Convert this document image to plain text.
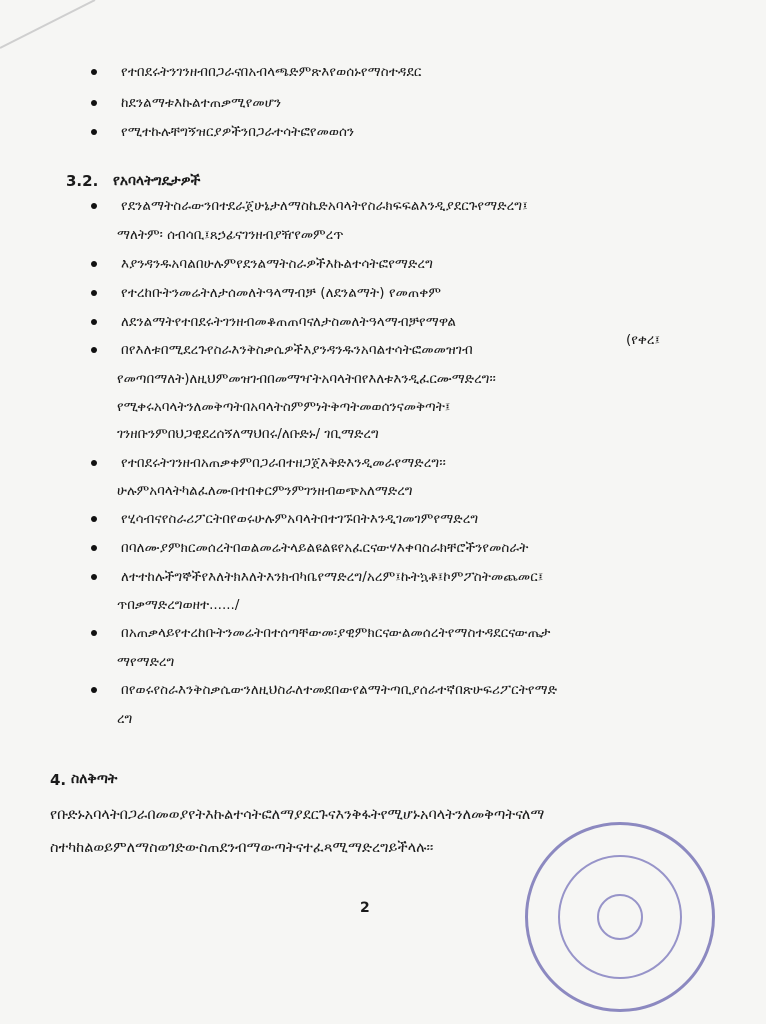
የተበደሩትንገንዘብበጋራናበአብላጫድምጽእየወሰኑየማስተዳደር
ከደንልማቱእኩልተጠቃሚየመሆን
የሚተኩሉቸግኝዝርያዎችንበጋራተሳትፎየመወሰን
3.2. የአባላትግዴታዎች
የደንልማትስራውንበተደራጀሁኔታለማስኬድአባላትየስራክፍፍልእንዲያደርጉየማድረግ፤
ማለትም፡ ሰብሳቢ፤ጸኃፊናገንዘብያዥየመምረጥ
እያንዳንዱአባልበሁሉምየደንልማትስራዎችእኩልተሳትፎየማድረግ
የተረከቡትንመሬትለታሰመለትዓላማብቻ (ለደንልማት) የመጠቀም
ለደንልማትየተበደሩትገንዘብመቆጠጠባናለታስመለትዓላማብቻየማዋል
በየእለቱበሚደረጉየስራእንቅስቃሴዎችእያንዳንዱንአባልተሳትፎመመዝገብ
(የቀረ፤
የመጣበማለት)ለዚህምመዝገብበመማዣትአባላትበየእለቱእንዲፈርሙማድረግ፡፡
የሚቀሩአባላትንለመቅጣትበአባላትስምምነትቅጣትመወሰንናመቅጣት፤
ገንዘቡንምበህጋዊደረሰኝለማህበሩ/ለቡድኑ/ ገቢማድረግ
የተበደሩትገንዘብአጠቃቀምበጋራበተዘጋጀእቅድእንዲመራየማድረግ፡፡
ሁሉምአባላትካልፈለሙበተበቀርምንምገንዘብወጭአለማድረግ
የሂሳብናየስራሪፖርትበየወሩሁሉምአባላትበተገኙበትእንዲገመገምየማድረግ
በባለሙያምክርመሰረትበወልመሬትላይልዩልዩየአፈርናውሃእቀባስራክቸሮችንየመስራት
ለተተከሉችግኞችየእለትክእለትእንክብካቤየማድረግ/አረም፤ኩትኳቶ፤ኮምፖስትመጨመር፤
ጥበቃማድረግወዘተ....../
በአጠቃላይየተረከቡትንመሬትበተሰጣቸውመ፡ያዊምክርናውልመሰረትየማስተዳደርናውጤታ
ማየማድረግ
በየወሩየስራእንቅስቃሴውንለዚህስራለተመደበውየልማትጣቢያሰራተኛበጽሁፍሪፖርትየማድ
ረግ
4. ስለቅጣት
የቡድኑአባላትበጋራበመወያየትእኩልተሳትፎለማያደርጉናእንቅፋትየሚሆኑአባላትንለመቅጣትናለማ
ስተካከልወይምለማስወገድውስጠደንብማውጣትናተፈጻሚማድረግይችላሉ፡፡
2
